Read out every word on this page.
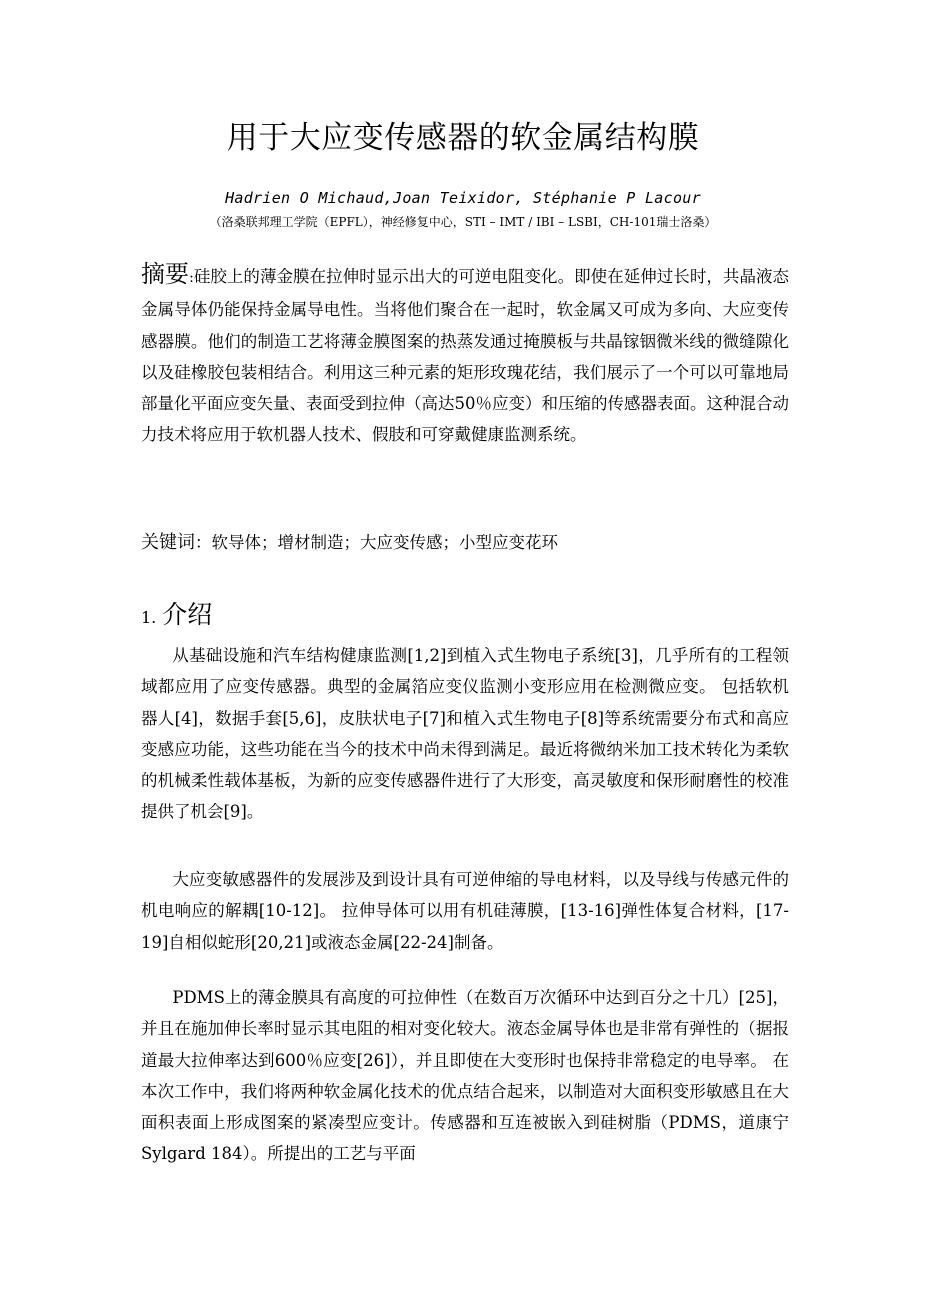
用于大应变传感器的软金属结构膜
Hadrien O Michaud,Joan Teixidor, Stéphanie P Lacour
（洛桑联邦理工学院（EPFL），神经修复中心，STI – IMT / IBI – LSBI，CH-101瑞士洛桑）

摘要:硅胶上的薄金膜在拉伸时显示出大的可逆电阻变化。即使在延伸过长时，共晶液态金属导体仍能保持金属导电性。当将他们聚合在一起时，软金属又可成为多向、大应变传感器膜。他们的制造工艺将薄金膜图案的热蒸发通过掩膜板与共晶镓铟微米线的微缝隙化以及硅橡胶包装相结合。利用这三种元素的矩形玫瑰花结，我们展示了一个可以可靠地局部量化平面应变矢量、表面受到拉伸（高达50％应变）和压缩的传感器表面。这种混合动力技术将应用于软机器人技术、假肢和可穿戴健康监测系统。

关键词：软导体；增材制造；大应变传感；小型应变花环

1. 介绍

从基础设施和汽车结构健康监测[1,2]到植入式生物电子系统[3]，几乎所有的工程领域都应用了应变传感器。典型的金属箔应变仪监测小变形应用在检测微应变。 包括软机器人[4]，数据手套[5,6]，皮肤状电子[7]和植入式生物电子[8]等系统需要分布式和高应变感应功能，这些功能在当今的技术中尚未得到满足。最近将微纳米加工技术转化为柔软的机械柔性载体基板，为新的应变传感器件进行了大形变，高灵敏度和保形耐磨性的校准提供了机会[9]。

大应变敏感器件的发展涉及到设计具有可逆伸缩的导电材料，以及导线与传感元件的机电响应的解耦[10-12]。 拉伸导体可以用有机硅薄膜，[13-16]弹性体复合材料，[17-19]自相似蛇形[20,21]或液态金属[22-24]制备。

PDMS上的薄金膜具有高度的可拉伸性（在数百万次循环中达到百分之十几）[25]，并且在施加伸长率时显示其电阻的相对变化较大。液态金属导体也是非常有弹性的（据报道最大拉伸率达到600％应变[26]），并且即使在大变形时也保持非常稳定的电导率。 在本次工作中，我们将两种软金属化技术的优点结合起来，以制造对大面积变形敏感且在大面积表面上形成图案的紧凑型应变计。传感器和互连被嵌入到硅树脂（PDMS，道康宁Sylgard 184）。所提出的工艺与平面
